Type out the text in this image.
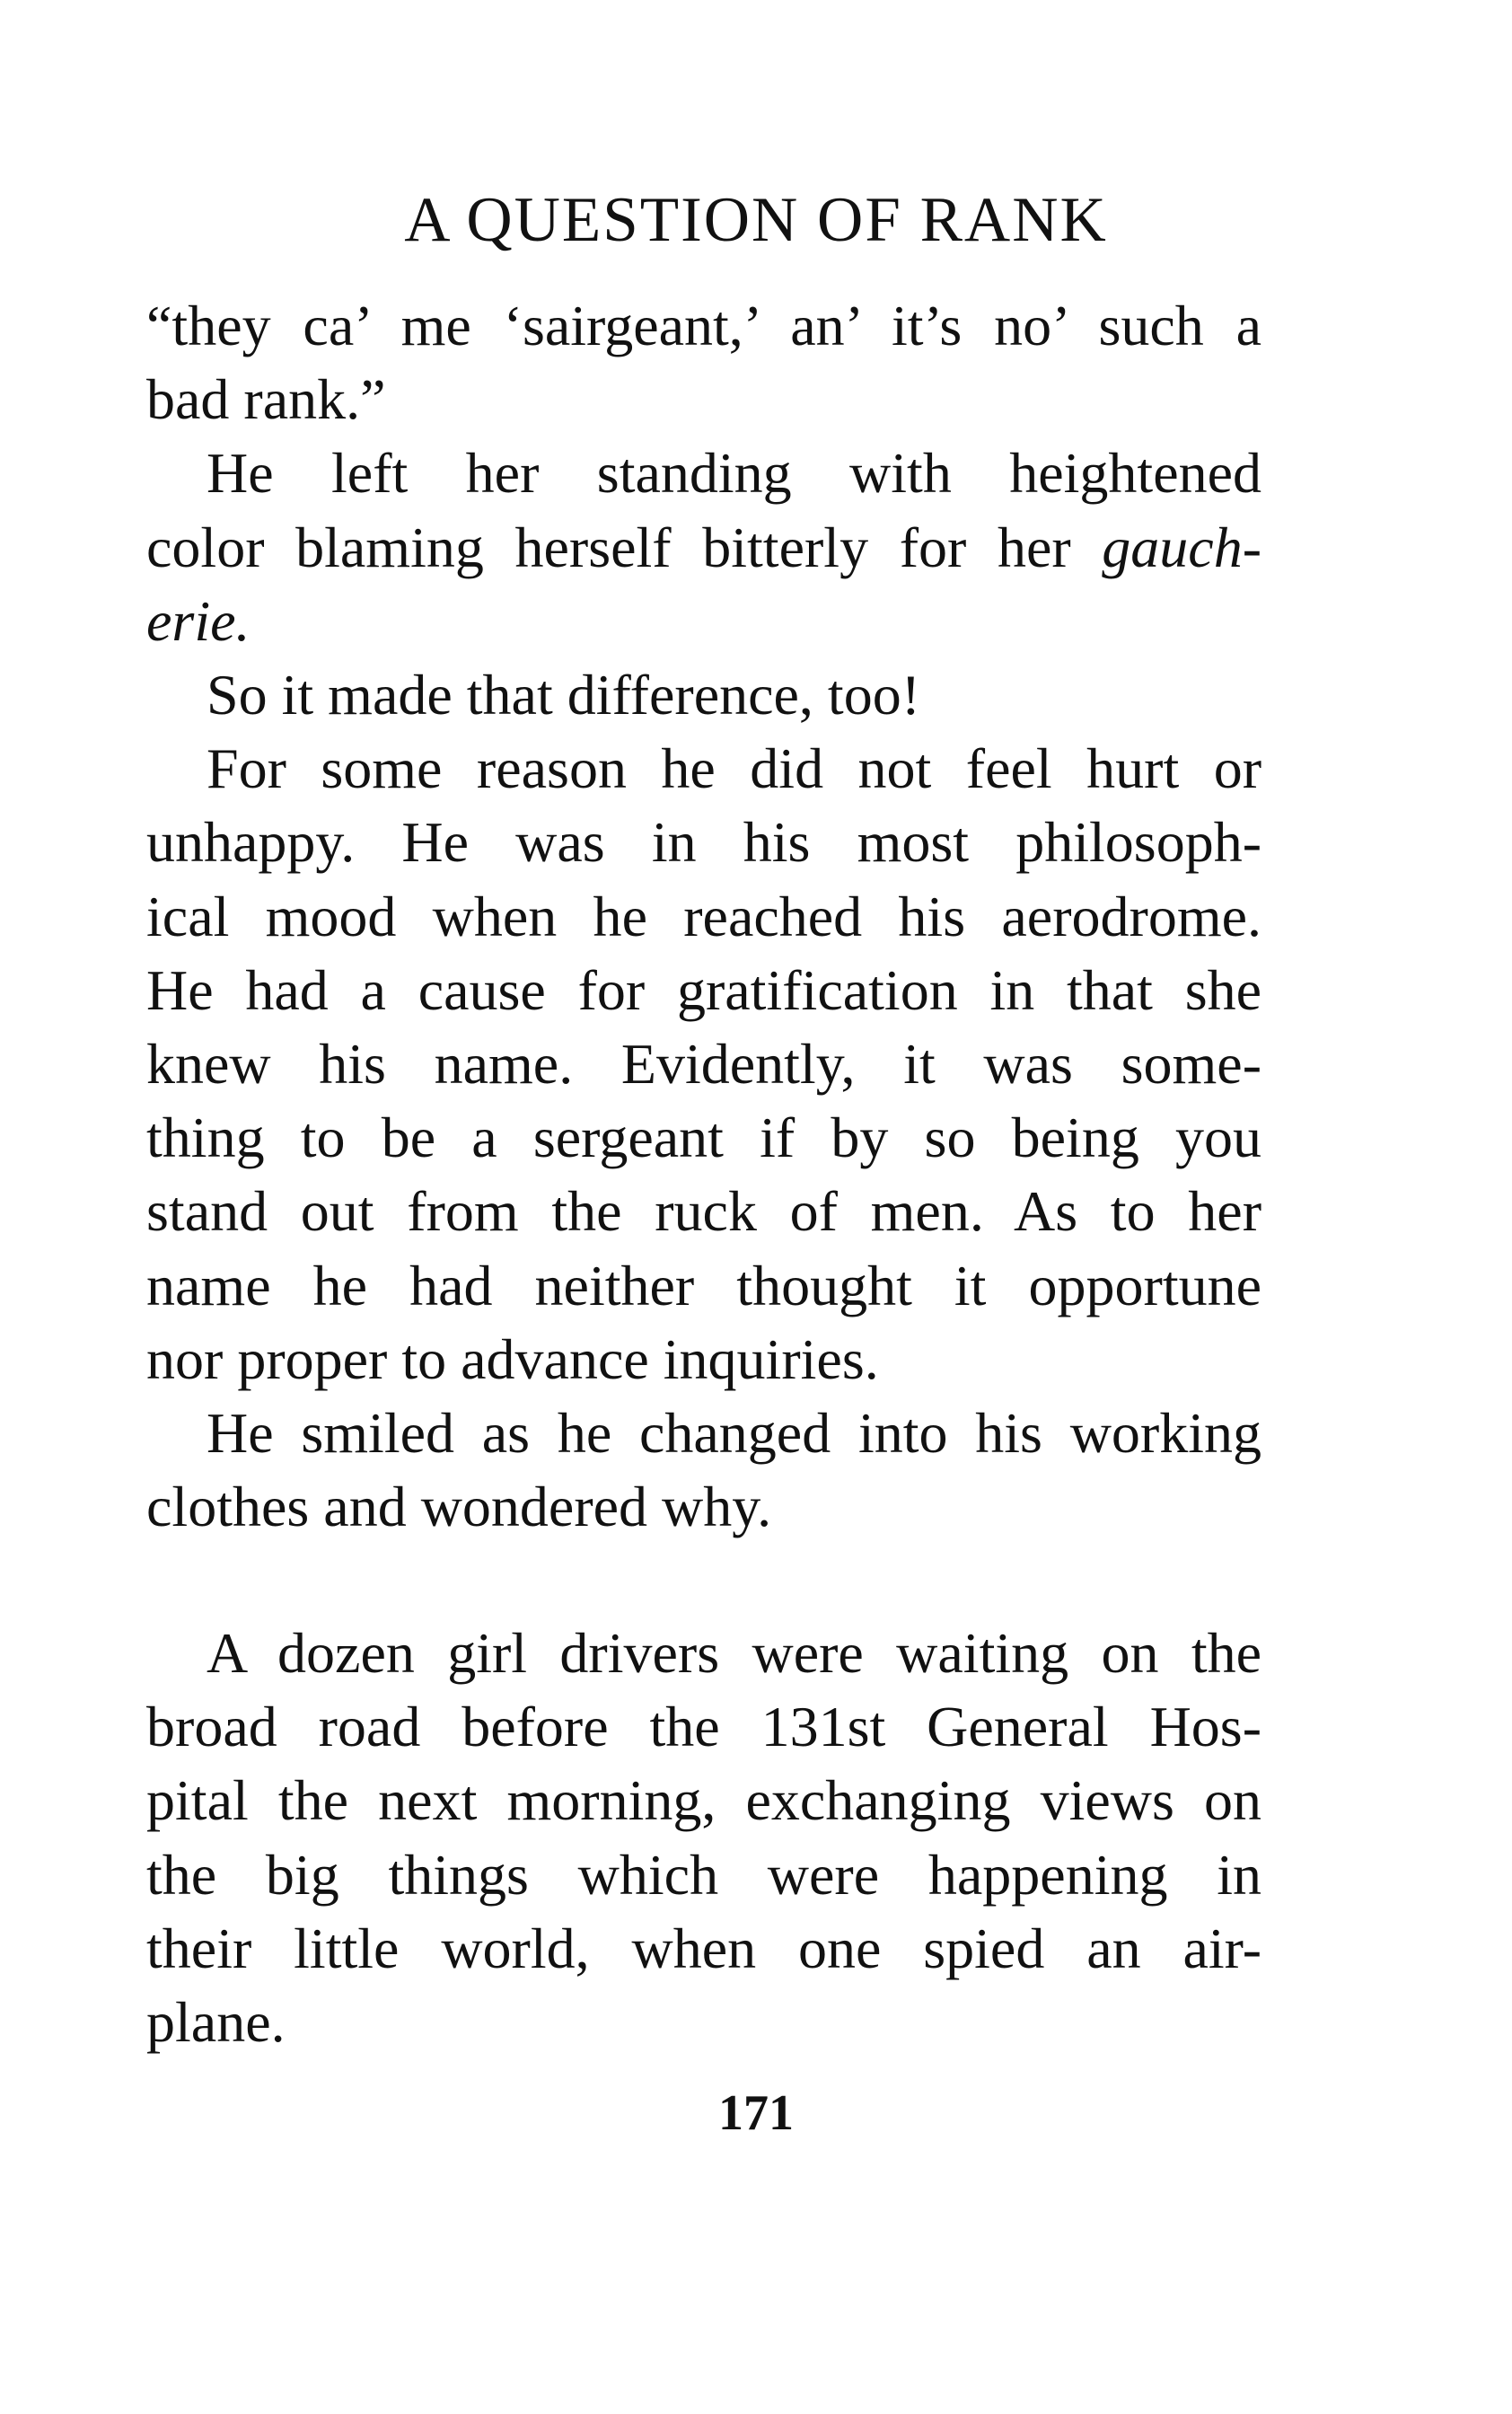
A QUESTION OF RANK

“they ca’ me ‘sairgeant,’ an’ it’s no’ such a
bad rank.”

He left her standing with heightened

color blaming herself bitterly for her gauch-
erie.

So it made that difference, too!

For some reason he did not feel hurt or
unhappy. He was in his most philosoph-
ical mood when he reached his aerodrome.
He had a cause for gratification in that she
knew his name. Evidently, it was some-
thing to be a sergeant if by so being you
stand out from the ruck of men. As to her
name he had neither thought it opportune
nor proper to advance inquiries.

He smiled as he changed into his working
clothes and wondered why.

A dozen girl drivers were waiting on the
broad road before the 131st General Hos-
pital the next morning, exchanging views on
the big things which were happening in
their little world, when one spied an air-
plane.

171
